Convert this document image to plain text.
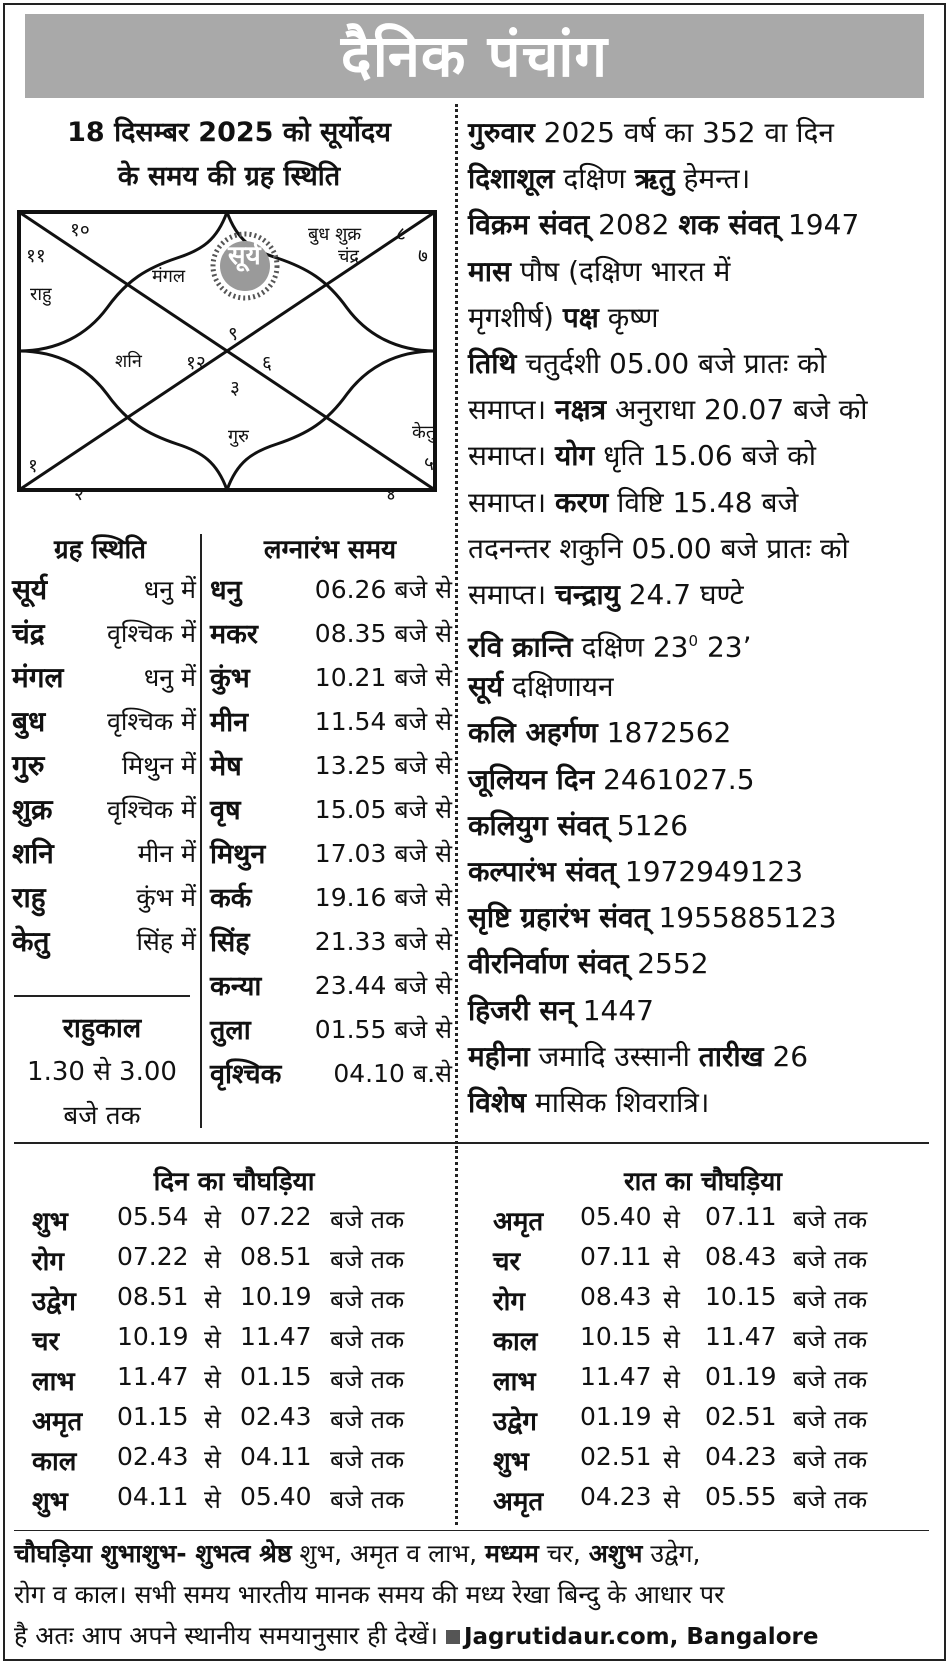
दैनिक पंचांग
18 दिसम्बर 2025 को सूर्योदय
के समय की ग्रह स्थिति
सूर्य
मंगल
बुध शुक्र
चंद्र
राहु
शनि
गुरु	केतु
१०
११
८
७
९
१२	६
३
१
२	४
५
ग्रह स्थिति
सूर्य	धनु में
चंद्र वृश्चिक में
मंगल	धनु में
बुध वृश्चिक में
गुरु	मिथुन में
शुक्र वृश्चिक में
शनि	मीन में
राहु	कुंभ में
केतु	सिंह में
राहुकाल
1.30 से 3.00
बजे तक
लग्नारंभ समय
धनु	06.26 बजे से
मकर 08.35 बजे से
कुंभ	10.21 बजे से
मीन	11.54 बजे से
मेष	13.25 बजे से
वृष	15.05 बजे से
मिथुन 17.03 बजे से
कर्क	19.16 बजे से
सिंह	21.33 बजे से
कन्या 23.44 बजे से
तुला	01.55 बजे से
वृश्चिक 04.10 ब.से
गुरुवार 2025 वर्ष का 352 वा दिन
दिशाशूल दक्षिण ऋतु हेमन्त।
विक्रम संवत् 2082 शक संवत् 1947
मास पौष (दक्षिण भारत में
मृगशीर्ष) पक्ष कृष्ण
तिथि चतुर्दशी 05.00 बजे प्रातः को
समाप्त। नक्षत्र अनुराधा 20.07 बजे को
समाप्त। योग धृति 15.06 बजे को
समाप्त। करण विष्टि 15.48 बजे
तदनन्तर शकुनि 05.00 बजे प्रातः को
समाप्त। चन्द्रायु 24.7 घण्टे
रवि क्रान्ति दक्षिण $23^0$ 23’
सूर्य दक्षिणायन
कलि अहर्गण 1872562
जूलियन दिन 2461027.5
कलियुग संवत् 5126
कल्पारंभ संवत् 1972949123
सृष्टि ग्रहारंभ संवत् 1955885123
वीरनिर्वाण संवत् 2552
हिजरी सन् 1447
महीना जमादि उस्सानी तारीख 26
विशेष मासिक शिवरात्रि।
दिन का चौघड़िया	रात का चौघड़िया
शुभ 05.54 से 07.22 बजे तक
रोग 07.22 से 08.51 बजे तक
उद्वेग 08.51 से 10.19 बजे तक
चर 10.19 से 11.47 बजे तक
लाभ 11.47 से 01.15 बजे तक
अमृत 01.15 से 02.43 बजे तक
काल 02.43 से 04.11 बजे तक
शुभ 04.11 से 05.40 बजे तक
अमृत 05.40 से 07.11 बजे तक
चर 07.11 से 08.43 बजे तक
रोग 08.43 से 10.15 बजे तक
काल 10.15 से 11.47 बजे तक
लाभ 11.47 से 01.19 बजे तक
उद्वेग 01.19 से 02.51 बजे तक
शुभ 02.51 से 04.23 बजे तक
अमृत 04.23 से 05.55 बजे तक
चौघड़िया शुभाशुभ- शुभत्व श्रेष्ठ शुभ, अमृत व लाभ, मध्यम चर, अशुभ उद्वेग,
रोग व काल। सभी समय भारतीय मानक समय की मध्य रेखा बिन्दु के आधार पर
है अतः आप अपने स्थानीय समयानुसार ही देखें। Jagrutidaur.com, Bangalore
